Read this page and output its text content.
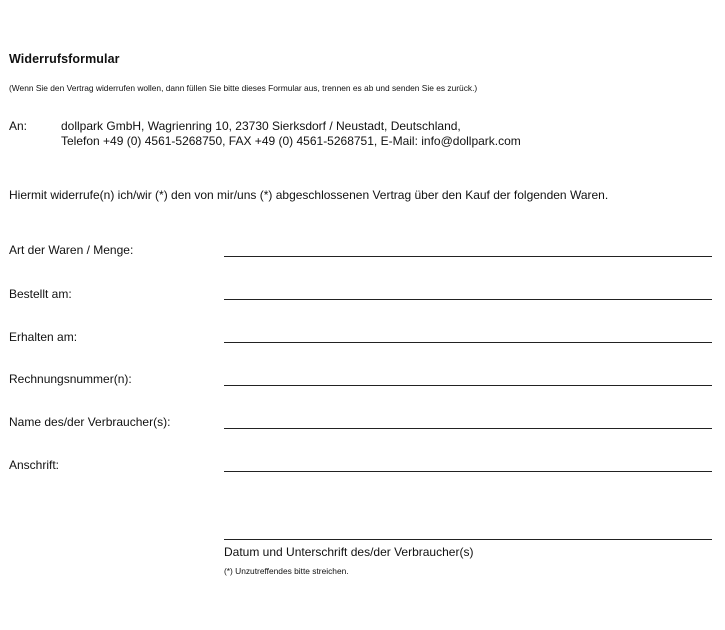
Widerrufsformular
(Wenn Sie den Vertrag widerrufen wollen, dann füllen Sie bitte dieses Formular aus, trennen es ab und senden Sie es zurück.)
An:	dollpark GmbH, Wagrienring 10, 23730 Sierksdorf / Neustadt, Deutschland,
Telefon +49 (0) 4561-5268750, FAX +49 (0) 4561-5268751, E-Mail: info@dollpark.com
Hiermit widerrufe(n) ich/wir (*) den von mir/uns (*) abgeschlossenen Vertrag über den Kauf der folgenden Waren.
Art der Waren / Menge:
Bestellt am:
Erhalten am:
Rechnungsnummer(n):
Name des/der Verbraucher(s):
Anschrift:
Datum und Unterschrift des/der Verbraucher(s)
(*) Unzutreffendes bitte streichen.
